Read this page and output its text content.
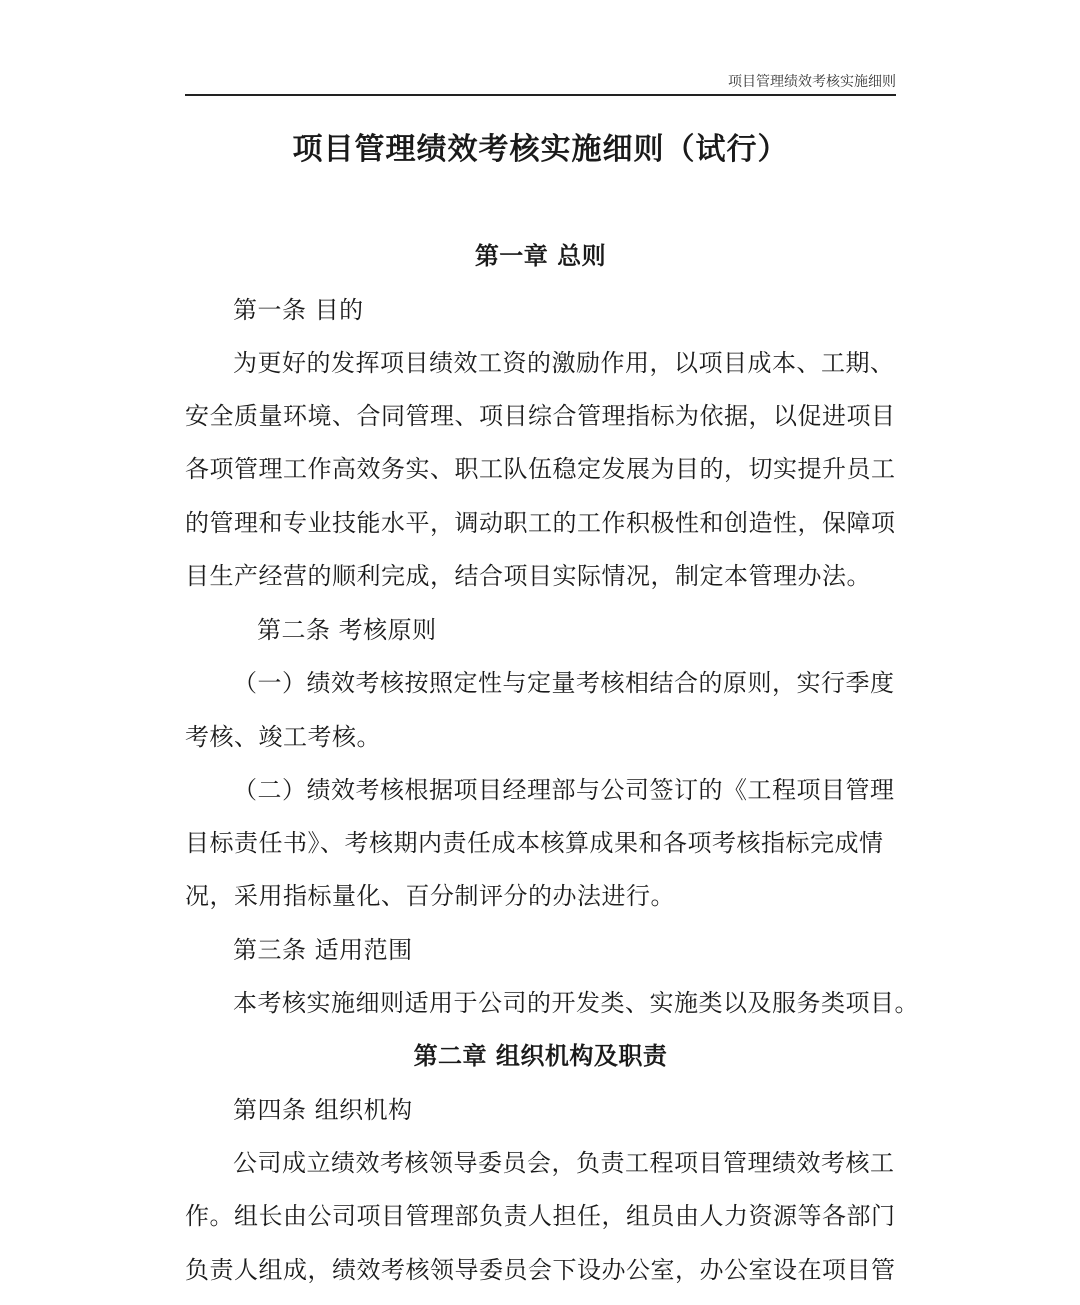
项目管理绩效考核实施细则
项目管理绩效考核实施细则（试行）
第一章 总则
第一条 目的
为更好的发挥项目绩效工资的激励作用，以项目成本、工期、
安全质量环境、合同管理、项目综合管理指标为依据，以促进项目
各项管理工作高效务实、职工队伍稳定发展为目的，切实提升员工
的管理和专业技能水平，调动职工的工作积极性和创造性，保障项
目生产经营的顺利完成，结合项目实际情况，制定本管理办法。
第二条 考核原则
（一）绩效考核按照定性与定量考核相结合的原则，实行季度
考核、竣工考核。
（二）绩效考核根据项目经理部与公司签订的《工程项目管理
目标责任书》、考核期内责任成本核算成果和各项考核指标完成情
况，采用指标量化、百分制评分的办法进行。
第三条 适用范围
本考核实施细则适用于公司的开发类、实施类以及服务类项目。
第二章 组织机构及职责
第四条 组织机构
公司成立绩效考核领导委员会，负责工程项目管理绩效考核工
作。组长由公司项目管理部负责人担任，组员由人力资源等各部门
负责人组成，绩效考核领导委员会下设办公室，办公室设在项目管
